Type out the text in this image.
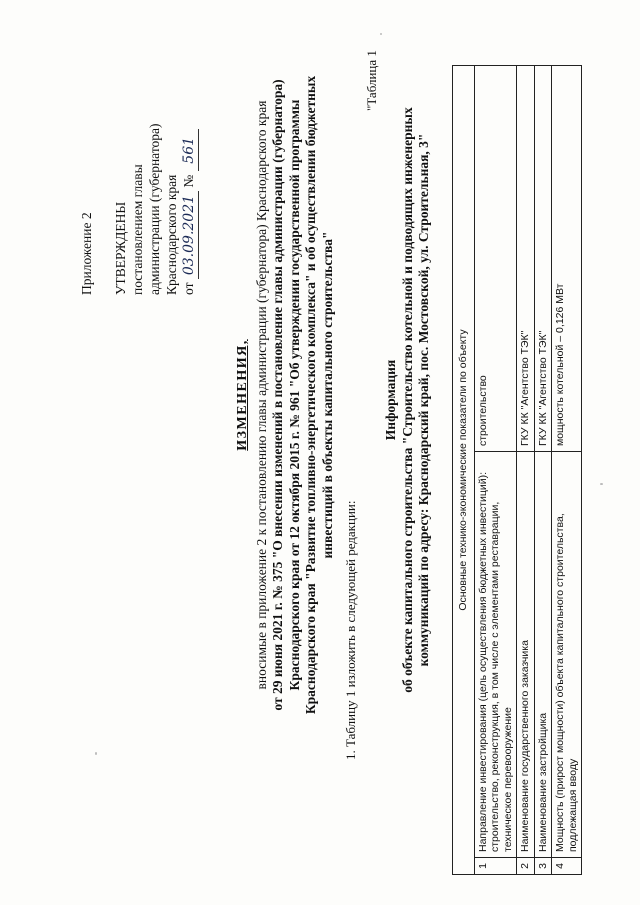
Приложение 2 УТВЕРЖДЕНЫ постановлением главы администрации (губернатора) Краснодарского края от 03.09.2021 № 561
ИЗМЕНЕНИЯ, вносимые в приложение 2 к постановлению главы администрации (губернатора) Краснодарского края от 29 июня 2021 г. № 375 "О внесении изменений в постановление главы администрации (губернатора) Краснодарского края от 12 октября 2015 г. № 961 "Об утверждении государственной программы Краснодарского края "Развитие топливно-энергетического комплекса" и об осуществлении бюджетных инвестиций в объекты капитального строительства"
1. Таблицу 1 изложить в следующей редакции:
"Таблица 1
Информация об объекте капитального строительства "Строительство котельной и подводящих инженерных коммуникаций по адресу: Краснодарский край, пос. Мостовской, ул. Строительная, 3" Основные технико-экономические показатели по объекту		
1	Направление инвестирования (цель осуществления бюджетных инвестиций): строительство, реконструкция, в том числе с элементами реставрации, техническое перевооружение	строительство
2	Наименование государственного заказчика	ГКУ КК "Агентство ТЭК"
3	Наименование застройщика	ГКУ КК "Агентство ТЭК"
4	Мощность (прирост мощности) объекта капитального строительства, подлежащая вводу	мощность котельной – 0,126 МВт
